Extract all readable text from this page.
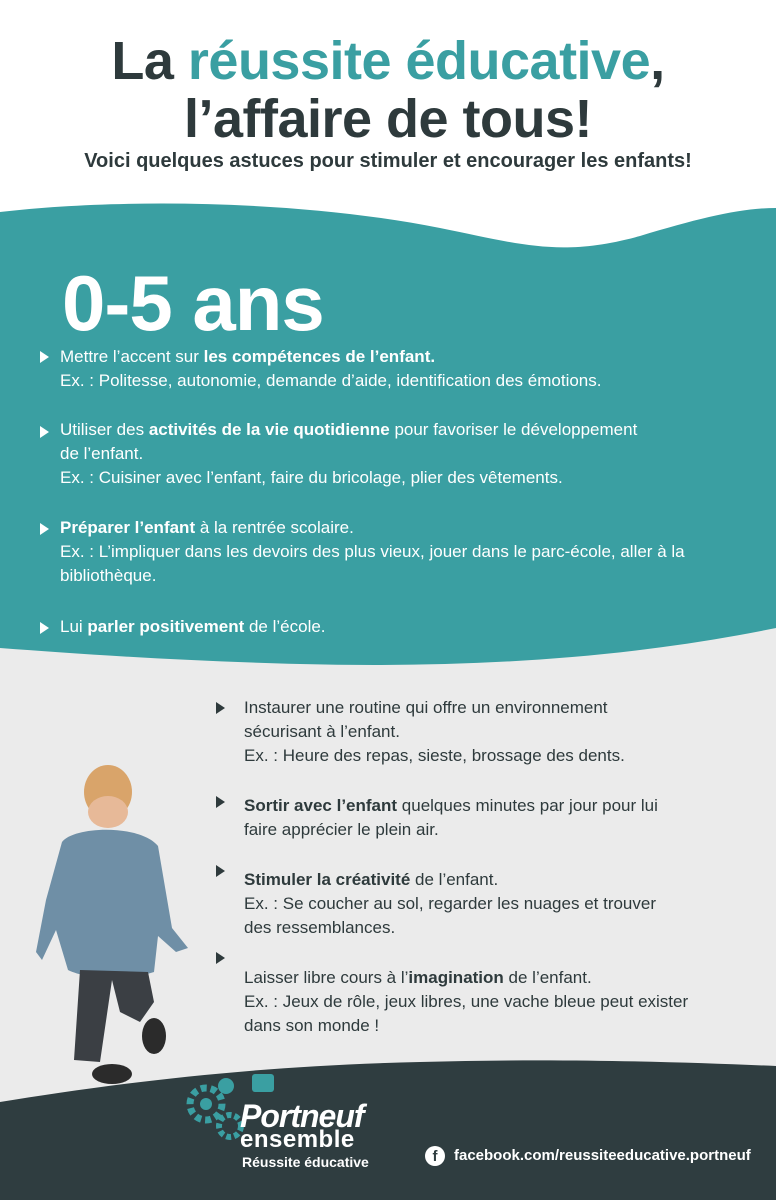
La réussite éducative,
l’affaire de tous!
Voici quelques astuces pour stimuler et encourager les enfants!
0-5 ans
Mettre l’accent sur les compétences de l’enfant.
Ex. : Politesse, autonomie, demande d’aide, identification des émotions.
Utiliser des activités de la vie quotidienne pour favoriser le développement
de l’enfant.
Ex. : Cuisiner avec l’enfant, faire du bricolage, plier des vêtements.
Préparer l’enfant à la rentrée scolaire.
Ex. : L’impliquer dans les devoirs des plus vieux, jouer dans le parc-école, aller à la
bibliothèque.
Lui parler positivement de l’école.
Instaurer une routine qui offre un environnement
sécurisant à l’enfant.
Ex. : Heure des repas, sieste, brossage des dents.
Sortir avec l’enfant quelques minutes par jour pour lui
faire apprécier le plein air.
Stimuler la créativité de l’enfant.
Ex. : Se coucher au sol, regarder les nuages et trouver
des ressemblances.
Laisser libre cours à l’imagination de l’enfant.
Ex. : Jeux de rôle, jeux libres, une vache bleue peut exister
dans son monde !
Portneuf
ensemble
Réussite éducative	f	facebook.com/reussiteeducative.portneuf
